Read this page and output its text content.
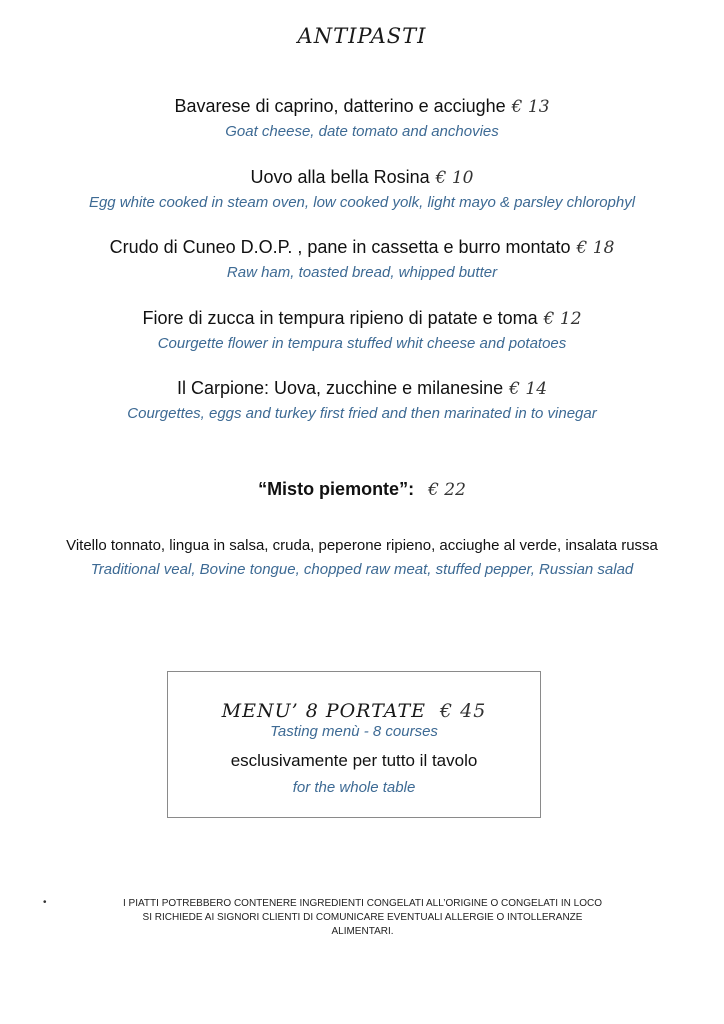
ANTIPASTI
Bavarese di caprino, datterino e acciughe € 13
Goat cheese, date tomato and anchovies
Uovo alla bella Rosina € 10
Egg white cooked in steam oven, low cooked yolk, light mayo & parsley chlorophyl
Crudo di Cuneo D.O.P. , pane in cassetta e burro montato € 18
Raw ham, toasted bread, whipped butter
Fiore di zucca in tempura ripieno di patate e toma € 12
Courgette flower in tempura stuffed whit cheese and potatoes
Il Carpione: Uova, zucchine e milanesine € 14
Courgettes, eggs and turkey first fried and then marinated in to vinegar
“Misto piemonte”: € 22
Vitello tonnato, lingua in salsa, cruda, peperone ripieno, acciughe al verde, insalata russa
Traditional veal, Bovine tongue, chopped raw meat, stuffed pepper, Russian salad
MENU’ 8 PORTATE € 45
Tasting menù - 8 courses
esclusivamente per tutto il tavolo
for the whole table
•	I PIATTI POTREBBERO CONTENERE INGREDIENTI CONGELATI ALL’ORIGINE O CONGELATI IN LOCO
SI RICHIEDE AI SIGNORI CLIENTI DI COMUNICARE EVENTUALI ALLERGIE O INTOLLERANZE
ALIMENTARI.
